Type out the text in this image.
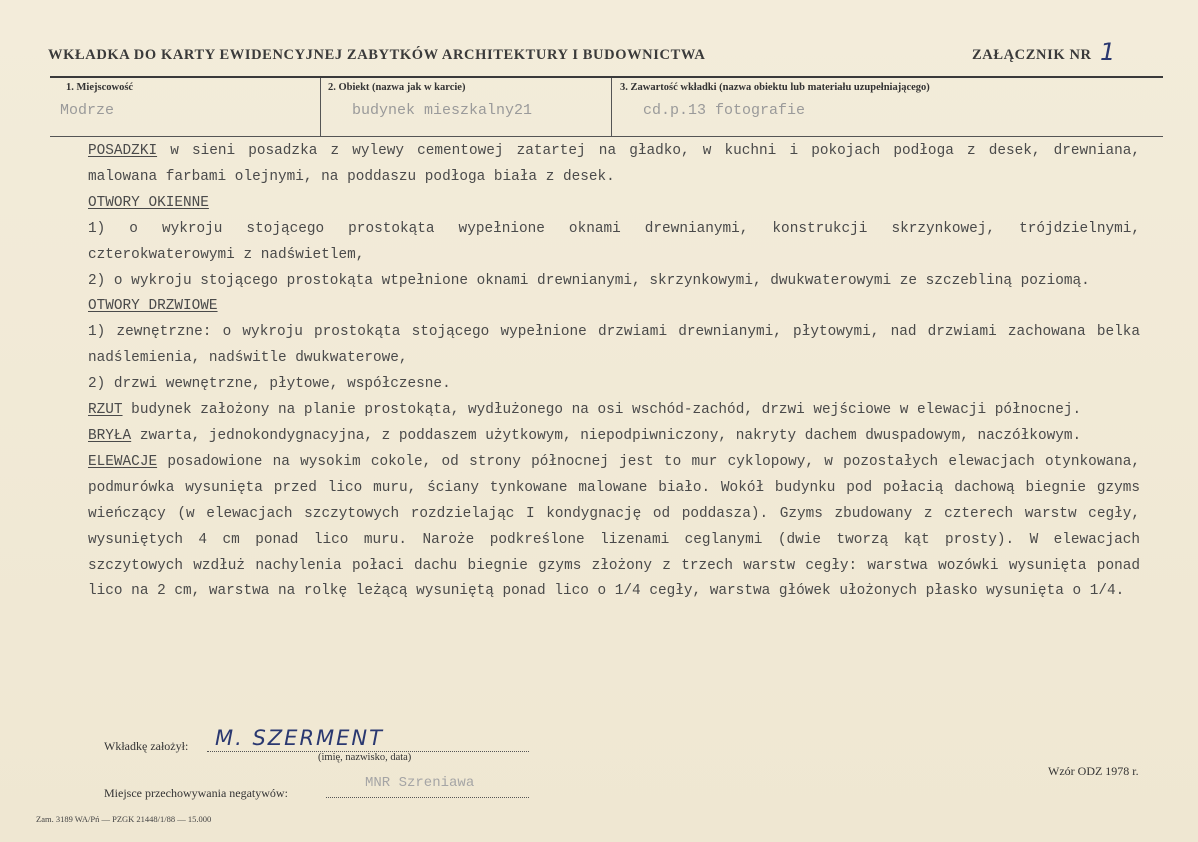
WKŁADKA DO KARTY EWIDENCYJNEJ ZABYTKÓW ARCHITEKTURY I BUDOWNICTWA	ZAŁĄCZNIK NR 1
1. Miejscowość
Modrze
2. Obiekt (nazwa jak w karcie)
budynek mieszkalny21
3. Zawartość wkładki (nazwa obiektu lub materiału uzupełniającego)
cd.p.13 fotografie

POSADZKI w sieni posadzka z wylewy cementowej zatartej na gładko, w kuchni i pokojach podłoga z desek, drewniana, malowana farbami olejnymi, na poddaszu podłoga biała z desek.

OTWORY OKIENNE

1) o wykroju stojącego prostokąta wypełnione oknami drewnianymi, konstrukcji skrzynkowej, trójdzielnymi, czterokwaterowymi z nadświetlem,

2) o wykroju stojącego prostokąta wtpełnione oknami drewnianymi, skrzynkowymi, dwukwaterowymi ze szczebliną poziomą.

OTWORY DRZWIOWE

1) zewnętrzne: o wykroju prostokąta stojącego wypełnione drzwiami drewnianymi, płytowymi, nad drzwiami zachowana belka nadślemienia, nadświtle dwukwaterowe,

2) drzwi wewnętrzne, płytowe, współczesne.

RZUT budynek założony na planie prostokąta, wydłużonego na osi wschód-zachód, drzwi wejściowe w elewacji północnej.

BRYŁA zwarta, jednokondygnacyjna, z poddaszem użytkowym, niepodpiwniczony, nakryty dachem dwuspadowym, naczółkowym.

ELEWACJE posadowione na wysokim cokole, od strony północnej jest to mur cyklopowy, w pozostałych elewacjach otynkowana, podmurówka wysunięta przed lico muru, ściany tynkowane malowane biało. Wokół budynku pod połacią dachową biegnie gzyms wieńczący (w elewacjach szczytowych rozdzielając I kondygnację od poddasza). Gzyms zbudowany z czterech warstw cegły, wysuniętych 4 cm ponad lico muru. Naroże podkreślone lizenami ceglanymi (dwie tworzą kąt prosty). W elewacjach szczytowych wzdłuż nachylenia połaci dachu biegnie gzyms złożony z trzech warstw cegły: warstwa wozówki wysunięta ponad lico na 2 cm, warstwa na rolkę leżącą wysuniętą ponad lico o 1/4 cegły, warstwa główek ułożonych płasko wysunięta o 1/4.

Wkładkę założył: M. SZERMENT
(imię, nazwisko, data)
Miejsce przechowywania negatywów:
MNR Szreniawa
Wzór ODZ 1978 r.
Zam. 3189 WA/Pń — PZGK 21448/1/88 — 15.000
